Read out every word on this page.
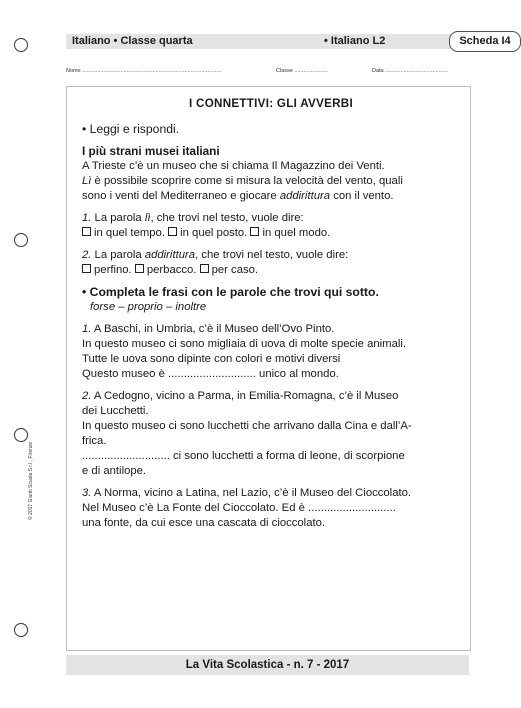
Italiano • Classe quarta	• Italiano L2	Scheda I4
Nome ...........................................................................................	Classe ......................	Data .........................................
© 2017 Giunti Scuola S.r.l., Firenze

I CONNETTIVI: GLI AVVERBI

• Leggi e rispondi.

I più strani musei italiani

A Trieste c’è un museo che si chiama Il Magazzino dei Venti.

Lì è possibile scoprire come si misura la velocità del vento, quali

sono i venti del Mediterraneo e giocare addirittura con il vento.

1. La parola lì, che trovi nel testo, vuole dire:

in quel tempo. in quel posto. in quel modo.

2. La parola addirittura, che trovi nel testo, vuole dire:

perfino. perbacco. per caso.

• Completa le frasi con le parole che trovi qui sotto.

forse – proprio – inoltre

1. A Baschi, in Umbria, c’è il Museo dell’Ovo Pinto.

In questo museo ci sono migliaia di uova di molte specie animali.

Tutte le uova sono dipinte con colori e motivi diversi

Questo museo è ............................ unico al mondo.

2. A Cedogno, vicino a Parma, in Emilia-Romagna, c’è il Museo

dei Lucchetti.

In questo museo ci sono lucchetti che arrivano dalla Cina e dall’A-

frica.

............................ ci sono lucchetti a forma di leone, di scorpione

e di antilope.

3. A Norma, vicino a Latina, nel Lazio, c’è il Museo del Cioccolato.

Nel Museo c’è La Fonte del Cioccolato. Ed è ............................

una fonte, da cui esce una cascata di cioccolato.

La Vita Scolastica - n. 7 - 2017
